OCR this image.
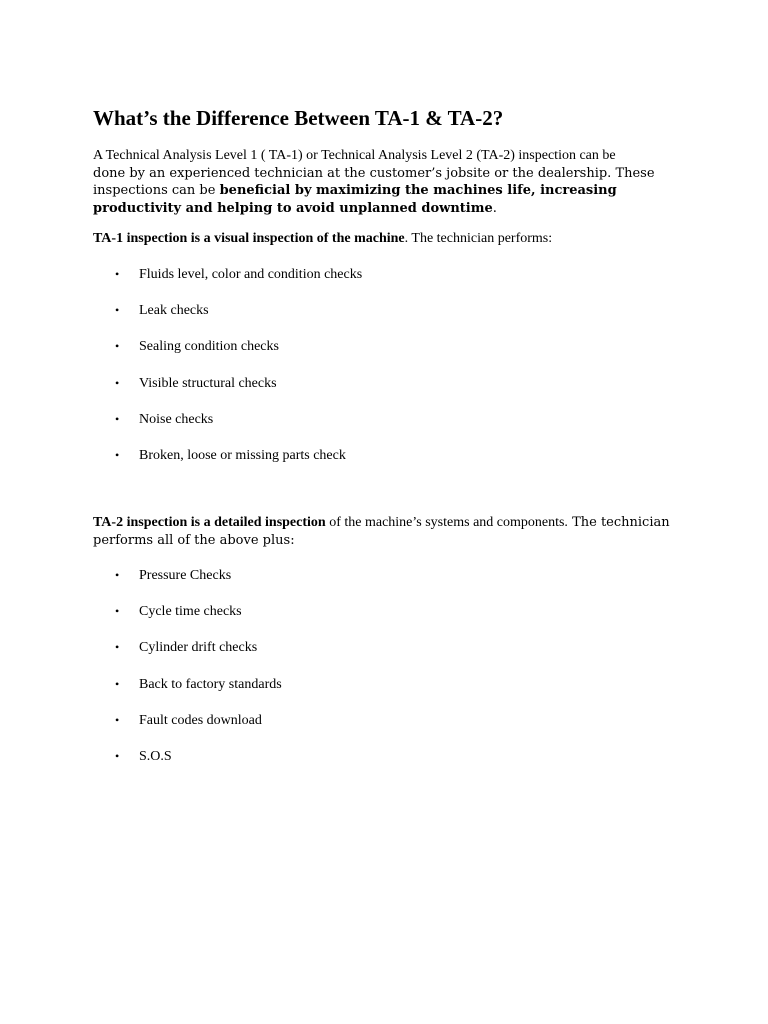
What’s the Difference Between TA-1 & TA-2?

A Technical Analysis Level 1 ( TA-1) or Technical Analysis Level 2 (TA-2) inspection can be
done by an experienced technician at the customer’s jobsite or the dealership. These
inspections can be beneficial by maximizing the machines life, increasing productivity and helping to avoid unplanned downtime.

TA-1 inspection is a visual inspection of the machine. The technician performs:

• Fluids level, color and condition checks
• Leak checks
• Sealing condition checks
• Visible structural checks
• Noise checks
• Broken, loose or missing parts check

TA-2 inspection is a detailed inspection of the machine’s systems and components. The technician performs all of the above plus:

• Pressure Checks
• Cycle time checks
• Cylinder drift checks
• Back to factory standards
• Fault codes download
• S.O.S
